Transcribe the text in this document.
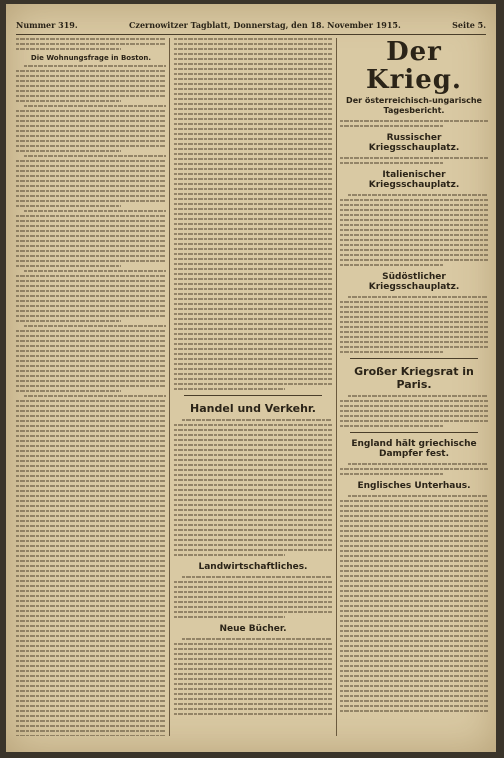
Nummer 319.	Czernowitzer Tagblatt, Donnerstag, den 18. November 1915.	Seite 5.
Die Wohnungsfrage in Boston.
Handel und Verkehr.
Landwirtschaftliches.
Neue Bücher.
Der Krieg.
Der österreichisch-ungarische Tagesbericht.
Russischer Kriegsschauplatz.
Italienischer Kriegsschauplatz.
Südöstlicher Kriegsschauplatz.
Großer Kriegsrat in Paris.
England hält griechische Dampfer fest.
Englisches Unterhaus.
